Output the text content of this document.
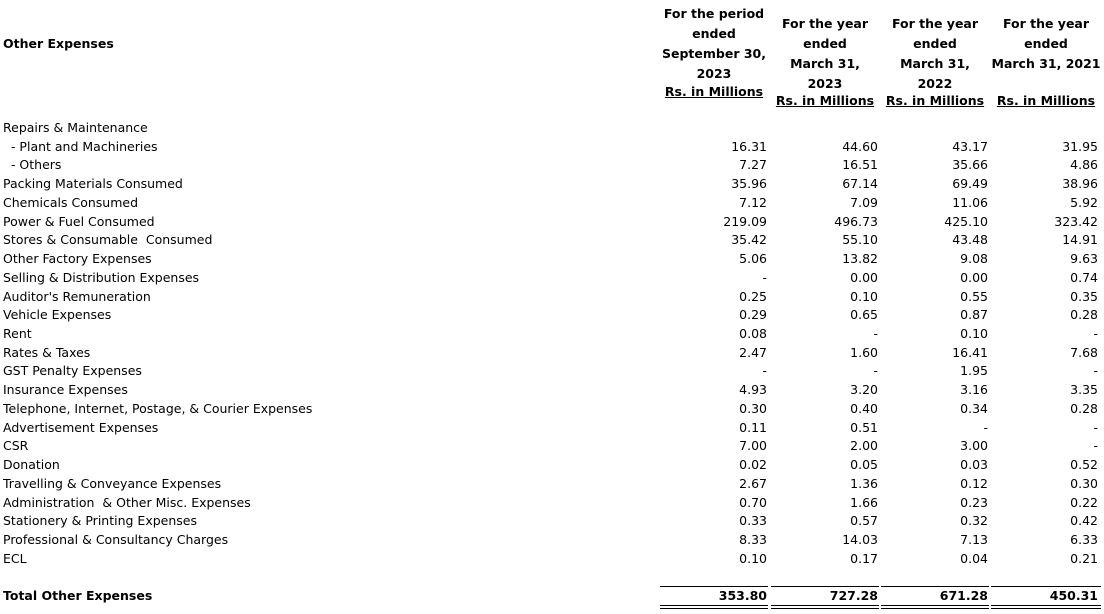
Other Expenses
For the period
ended
September 30,
2023
Rs. in Millions
For the year
ended
March 31, 2023
Rs. in Millions
For the year
ended
March 31, 2022
Rs. in Millions
For the year
ended
March 31, 2021
Rs. in Millions
Repairs & Maintenance
- Plant and Machineries	16.31	44.60	43.17	31.95
- Others	7.27	16.51	35.66	4.86
Packing Materials Consumed	35.96	67.14	69.49	38.96
Chemicals Consumed	7.12	7.09	11.06	5.92
Power & Fuel Consumed	219.09	496.73	425.10	323.42
Stores & Consumable  Consumed	35.42	55.10	43.48	14.91
Other Factory Expenses	5.06	13.82	9.08	9.63
Selling & Distribution Expenses	-	0.00	0.00	0.74
Auditor's Remuneration	0.25	0.10	0.55	0.35
Vehicle Expenses	0.29	0.65	0.87	0.28
Rent	0.08	-	0.10	-
Rates & Taxes	2.47	1.60	16.41	7.68
GST Penalty Expenses	-	-	1.95	-
Insurance Expenses	4.93	3.20	3.16	3.35
Telephone, Internet, Postage, & Courier Expenses	0.30	0.40	0.34	0.28
Advertisement Expenses	0.11	0.51	-	-
CSR	7.00	2.00	3.00	-
Donation	0.02	0.05	0.03	0.52
Travelling & Conveyance Expenses	2.67	1.36	0.12	0.30
Administration  & Other Misc. Expenses	0.70	1.66	0.23	0.22
Stationery & Printing Expenses	0.33	0.57	0.32	0.42
Professional & Consultancy Charges	8.33	14.03	7.13	6.33
ECL	0.10	0.17	0.04	0.21
Total Other Expenses	353.80	727.28	671.28	450.31
